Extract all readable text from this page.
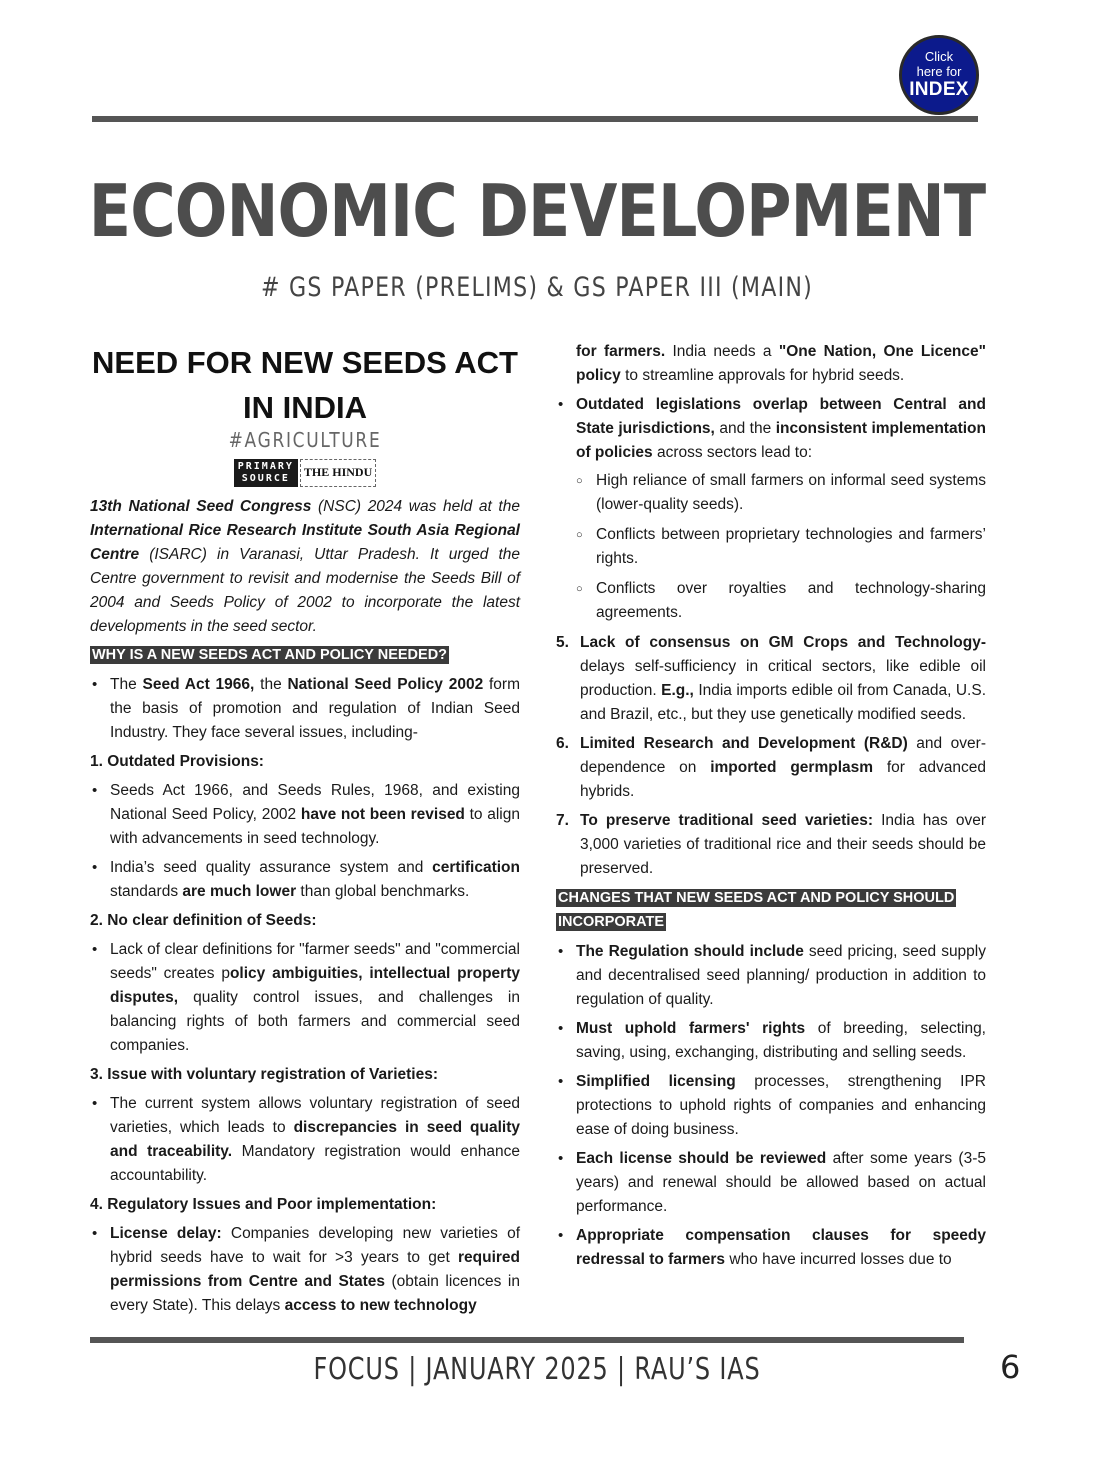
Click
here for
INDEX
ECONOMIC DEVELOPMENT
# GS PAPER (PRELIMS) & GS PAPER III (MAIN)
NEED FOR NEW SEEDS ACT
IN INDIA
#AGRICULTURE
PRIMARY
SOURCE	THE HINDU

13th National Seed Congress (NSC) 2024 was held at the International Rice Research Institute South Asia Regional Centre (ISARC) in Varanasi, Uttar Pradesh. It urged the Centre government to revisit and modernise the Seeds Bill of 2004 and Seeds Policy of 2002 to incorporate the latest developments in the seed sector.

WHY IS A NEW SEEDS ACT AND POLICY NEEDED?
• The Seed Act 1966, the National Seed Policy 2002 form the basis of promotion and regulation of Indian Seed Industry. They face several issues, including-
1. Outdated Provisions:
• Seeds Act 1966, and Seeds Rules, 1968, and existing National Seed Policy, 2002 have not been revised to align with advancements in seed technology.
• India’s seed quality assurance system and certification standards are much lower than global benchmarks.
2. No clear definition of Seeds:
• Lack of clear definitions for "farmer seeds" and "commercial seeds" creates policy ambiguities, intellectual property disputes, quality control issues, and challenges in balancing rights of both farmers and commercial seed companies.
3. Issue with voluntary registration of Varieties:
• The current system allows voluntary registration of seed varieties, which leads to discrepancies in seed quality and traceability. Mandatory registration would enhance accountability.
4. Regulatory Issues and Poor implementation:
• License delay: Companies developing new varieties of hybrid seeds have to wait for >3 years to get required permissions from Centre and States (obtain licences in every State). This delays access to new technology

for farmers. India needs a "One Nation, One Licence" policy to streamline approvals for hybrid seeds.

• Outdated legislations overlap between Central and State jurisdictions, and the inconsistent implementation of policies across sectors lead to:
○ High reliance of small farmers on informal seed systems (lower-quality seeds).
○ Conflicts between proprietary technologies and farmers’ rights.
○ Conflicts over royalties and technology-sharing agreements.
5. Lack of consensus on GM Crops and Technology- delays self-sufficiency in critical sectors, like edible oil production. E.g., India imports edible oil from Canada, U.S. and Brazil, etc., but they use genetically modified seeds.
6. Limited Research and Development (R&D) and over-dependence on imported germplasm for advanced hybrids.
7. To preserve traditional seed varieties: India has over 3,000 varieties of traditional rice and their seeds should be preserved.
CHANGES THAT NEW SEEDS ACT AND POLICY SHOULD INCORPORATE
• The Regulation should include seed pricing, seed supply and decentralised seed planning/ production in addition to regulation of quality.
• Must uphold farmers' rights of breeding, selecting, saving, using, exchanging, distributing and selling seeds.
• Simplified licensing processes, strengthening IPR protections to uphold rights of companies and enhancing ease of doing business.
• Each license should be reviewed after some years (3-5 years) and renewal should be allowed based on actual performance.
• Appropriate compensation clauses for speedy redressal to farmers who have incurred losses due to
FOCUS | JANUARY 2025 | RAU’S IAS	6
